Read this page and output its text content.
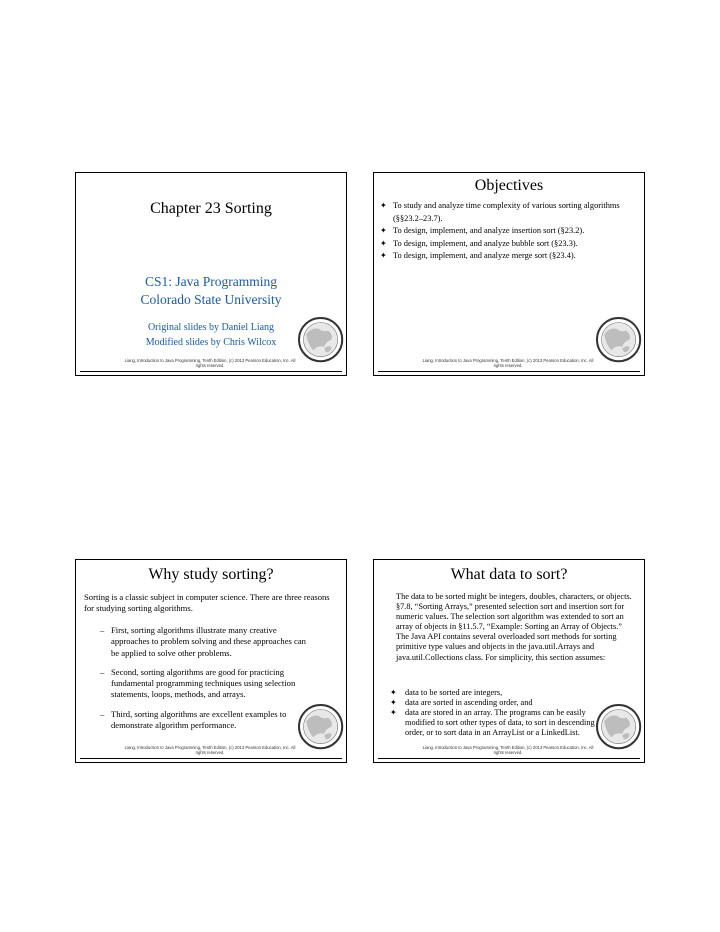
Chapter 23 Sorting
CS1: Java Programming
Colorado State University
Original slides by Daniel Liang
Modified slides by Chris Wilcox
Liang, Introduction to Java Programming, Tenth Edition, (c) 2013 Pearson Education, Inc. All rights reserved.
Objectives
✦ To study and analyze time complexity of various sorting algorithms (§§23.2–23.7).
✦ To design, implement, and analyze insertion sort (§23.2).
✦ To design, implement, and analyze bubble sort (§23.3).
✦ To design, implement, and analyze merge sort (§23.4).
Liang, Introduction to Java Programming, Tenth Edition, (c) 2013 Pearson Education, Inc. All rights reserved.
Why study sorting?
Sorting is a classic subject in computer science. There are three reasons for studying sorting algorithms.
– First, sorting algorithms illustrate many creative approaches to problem solving and these approaches can be applied to solve other problems.
– Second, sorting algorithms are good for practicing fundamental programming techniques using selection statements, loops, methods, and arrays.
– Third, sorting algorithms are excellent examples to demonstrate algorithm performance.
Liang, Introduction to Java Programming, Tenth Edition, (c) 2013 Pearson Education, Inc. All rights reserved.
What data to sort?
The data to be sorted might be integers, doubles, characters, or objects. §7.8, “Sorting Arrays,” presented selection sort and insertion sort for numeric values. The selection sort algorithm was extended to sort an array of objects in §11.5.7, “Example: Sorting an Array of Objects.” The Java API contains several overloaded sort methods for sorting primitive type values and objects in the java.util.Arrays and java.util.Collections class. For simplicity, this section assumes:
✦ data to be sorted are integers,
✦ data are sorted in ascending order, and
✦ data are stored in an array. The programs can be easily modified to sort other types of data, to sort in descending order, or to sort data in an ArrayList or a LinkedList.
Liang, Introduction to Java Programming, Tenth Edition, (c) 2013 Pearson Education, Inc. All rights reserved.
